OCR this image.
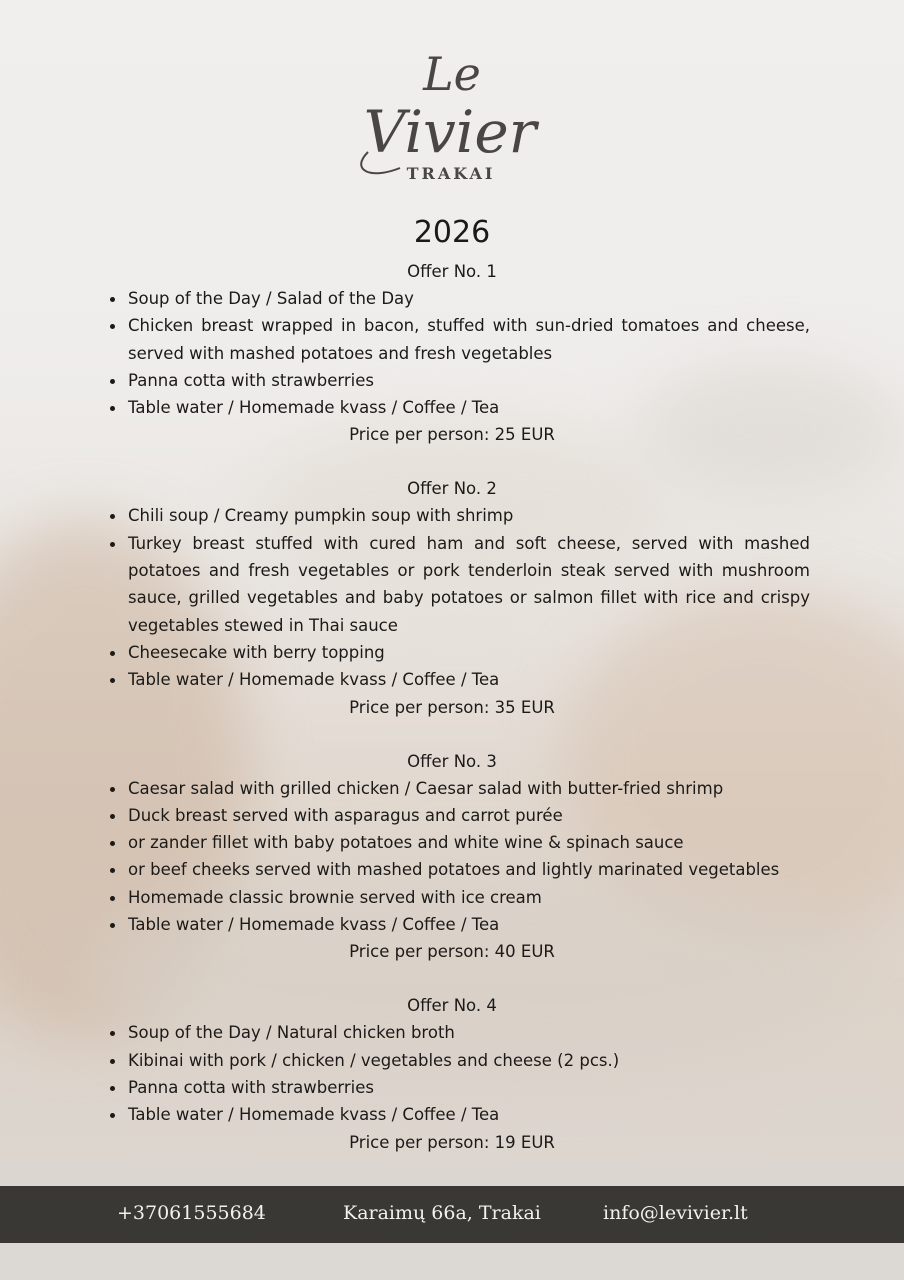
Le
Vivier
TRAKAI
2026
Offer No. 1
Soup of the Day / Salad of the Day
Chicken breast wrapped in bacon, stuffed with sun-dried tomatoes and cheese, served with mashed potatoes and fresh vegetables
Panna cotta with strawberries
Table water / Homemade kvass / Coffee / Tea
Price per person: 25 EUR
Offer No. 2
Chili soup / Creamy pumpkin soup with shrimp
Turkey breast stuffed with cured ham and soft cheese, served with mashed potatoes and fresh vegetables or pork tenderloin steak served with mushroom sauce, grilled vegetables and baby potatoes or salmon fillet with rice and crispy vegetables stewed in Thai sauce
Cheesecake with berry topping
Table water / Homemade kvass / Coffee / Tea
Price per person: 35 EUR
Offer No. 3
Caesar salad with grilled chicken / Caesar salad with butter-fried shrimp
Duck breast served with asparagus and carrot purée
or zander fillet with baby potatoes and white wine & spinach sauce
or beef cheeks served with mashed potatoes and lightly marinated vegetables
Homemade classic brownie served with ice cream
Table water / Homemade kvass / Coffee / Tea
Price per person: 40 EUR
Offer No. 4
Soup of the Day / Natural chicken broth
Kibinai with pork / chicken / vegetables and cheese (2 pcs.)
Panna cotta with strawberries
Table water / Homemade kvass / Coffee / Tea
Price per person: 19 EUR
+37061555684	Karaimų 66a, Trakai	info@levivier.lt
